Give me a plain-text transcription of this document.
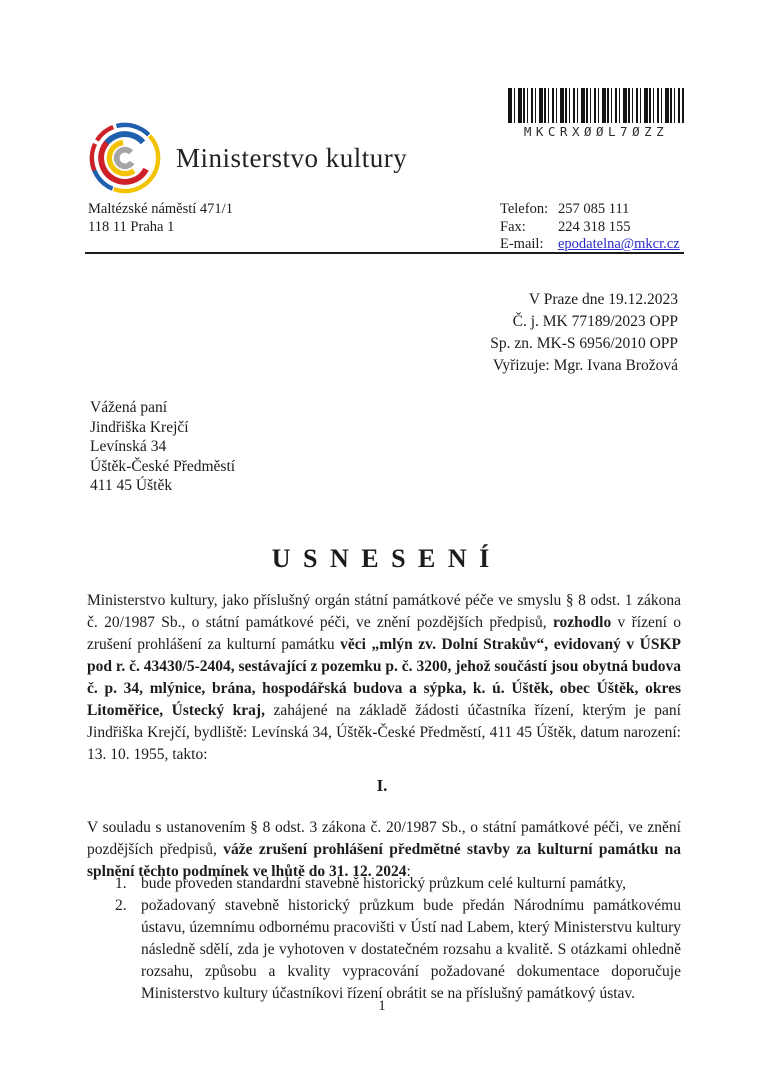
MKCRXØØL7ØZZ
Ministerstvo kultury
Maltézské náměstí 471/1
118 11 Praha 1
Telefon: 257 085 111
Fax:	224 318 155
E-mail:	epodatelna@mkcr.cz
V Praze dne 19.12.2023
Č. j. MK 77189/2023 OPP
Sp. zn. MK-S 6956/2010 OPP
Vyřizuje: Mgr. Ivana Brožová
Vážená paní
Jindřiška Krejčí
Levínská 34
Úštěk-České Předměstí
411 45 Úštěk
U S N E S E N Í

Ministerstvo kultury, jako příslušný orgán státní památkové péče ve smyslu § 8 odst. 1 zákona č. 20/1987 Sb., o státní památkové péči, ve znění pozdějších předpisů, rozhodlo v řízení o zrušení prohlášení za kulturní památku věci „mlýn zv. Dolní Strakův“, evidovaný v ÚSKP pod r. č. 43430/5-2404, sestávající z pozemku p. č. 3200, jehož součástí jsou obytná budova č. p. 34, mlýnice, brána, hospodářská budova a sýpka, k. ú. Úštěk, obec Úštěk, okres Litoměřice, Ústecký kraj, zahájené na základě žádosti účastníka řízení, kterým je paní Jindřiška Krejčí, bydliště: Levínská 34, Úštěk-České Předměstí, 411 45 Úštěk, datum narození: 13. 10. 1955, takto:

I.

V souladu s ustanovením § 8 odst. 3 zákona č. 20/1987 Sb., o státní památkové péči, ve znění pozdějších předpisů, váže zrušení prohlášení předmětné stavby za kulturní památku na splnění těchto podmínek ve lhůtě do 31. 12. 2024:

1. bude proveden standardní stavebně historický průzkum celé kulturní památky,
2. požadovaný stavebně historický průzkum bude předán Národnímu památkovému ústavu, územnímu odbornému pracovišti v Ústí nad Labem, který Ministerstvu kultury následně sdělí, zda je vyhotoven v dostatečném rozsahu a kvalitě. S otázkami ohledně rozsahu, způsobu a kvality vypracování požadované dokumentace doporučuje Ministerstvo kultury účastníkovi řízení obrátit se na příslušný památkový ústav.
1
